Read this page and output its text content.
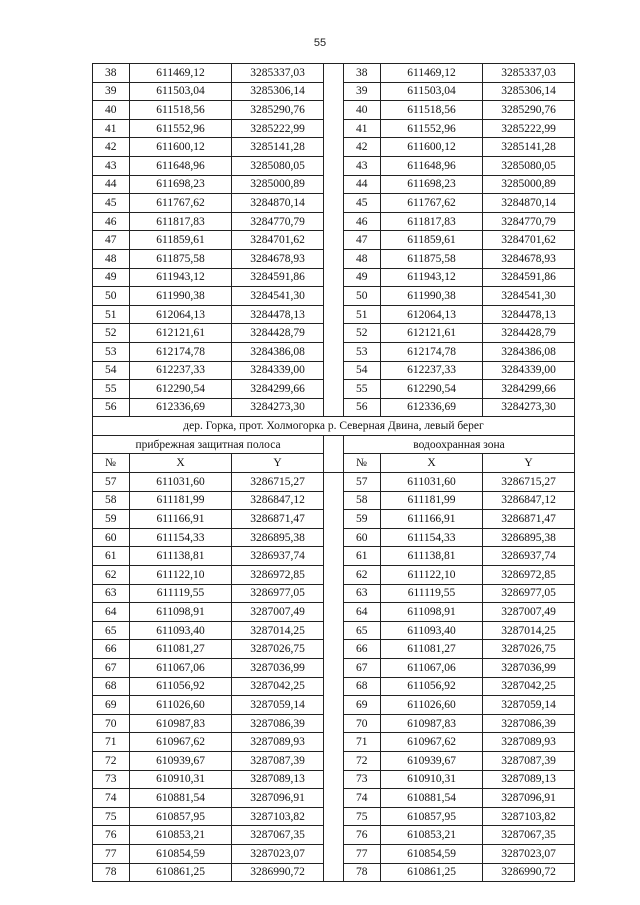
55
38	611469,12	3285337,03		38	611469,12	3285337,03
39	611503,04	3285306,14		39	611503,04	3285306,14
40	611518,56	3285290,76		40	611518,56	3285290,76
41	611552,96	3285222,99		41	611552,96	3285222,99
42	611600,12	3285141,28		42	611600,12	3285141,28
43	611648,96	3285080,05		43	611648,96	3285080,05
44	611698,23	3285000,89		44	611698,23	3285000,89
45	611767,62	3284870,14		45	611767,62	3284870,14
46	611817,83	3284770,79		46	611817,83	3284770,79
47	611859,61	3284701,62		47	611859,61	3284701,62
48	611875,58	3284678,93		48	611875,58	3284678,93
49	611943,12	3284591,86		49	611943,12	3284591,86
50	611990,38	3284541,30		50	611990,38	3284541,30
51	612064,13	3284478,13		51	612064,13	3284478,13
52	612121,61	3284428,79		52	612121,61	3284428,79
53	612174,78	3284386,08		53	612174,78	3284386,08
54	612237,33	3284339,00		54	612237,33	3284339,00
55	612290,54	3284299,66		55	612290,54	3284299,66
56	612336,69	3284273,30		56	612336,69	3284273,30
дер. Горка, прот. Холмогорка р. Северная Двина, левый берег						
прибрежная защитная полоса				водоохранная зона		
№	X	Y		№	X	Y
57	611031,60	3286715,27		57	611031,60	3286715,27
58	611181,99	3286847,12		58	611181,99	3286847,12
59	611166,91	3286871,47		59	611166,91	3286871,47
60	611154,33	3286895,38		60	611154,33	3286895,38
61	611138,81	3286937,74		61	611138,81	3286937,74
62	611122,10	3286972,85		62	611122,10	3286972,85
63	611119,55	3286977,05		63	611119,55	3286977,05
64	611098,91	3287007,49		64	611098,91	3287007,49
65	611093,40	3287014,25		65	611093,40	3287014,25
66	611081,27	3287026,75		66	611081,27	3287026,75
67	611067,06	3287036,99		67	611067,06	3287036,99
68	611056,92	3287042,25		68	611056,92	3287042,25
69	611026,60	3287059,14		69	611026,60	3287059,14
70	610987,83	3287086,39		70	610987,83	3287086,39
71	610967,62	3287089,93		71	610967,62	3287089,93
72	610939,67	3287087,39		72	610939,67	3287087,39
73	610910,31	3287089,13		73	610910,31	3287089,13
74	610881,54	3287096,91		74	610881,54	3287096,91
75	610857,95	3287103,82		75	610857,95	3287103,82
76	610853,21	3287067,35		76	610853,21	3287067,35
77	610854,59	3287023,07		77	610854,59	3287023,07
78	610861,25	3286990,72		78	610861,25	3286990,72
